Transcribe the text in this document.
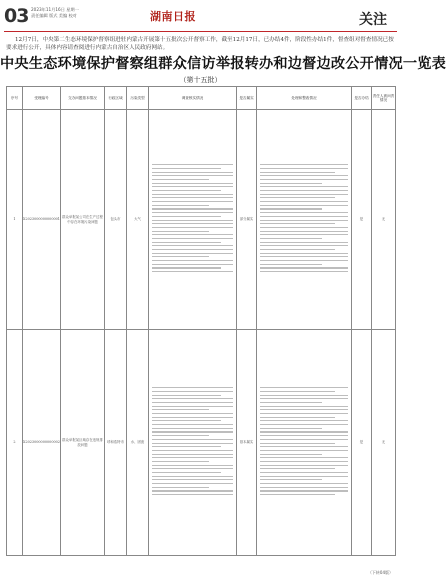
03 2023年11月16日 星期一
责任编辑 版式 美编 校对	湖南日报	关注
12月7日，中央第二生态环境保护督察组进驻内蒙古开展第十五批次公开督察工作，截至12月17日，已办结4件，阶段性办结1件，督查组对督查情况已按要求进行公开，具体内容请查阅进行内蒙古自治区人民政府网站。
中央生态环境保护督察组群众信访举报转办和边督边改公开情况一览表
（第十五批）
序号	受理编号	交办问题基本情况	行政区域	污染类型	调查核实情况	是否属实	处理和整改情况	是否办结	责任人被问责情况
1	X2023000000000001	群众举报某公司在生产过程中存在环境污染问题	包头市	大气		部分属实		是	无
2	X2023000000000002	群众举报某区域存在违规排放问题	呼和浩特市	水、固废		基本属实		是	无
（下转04版）
